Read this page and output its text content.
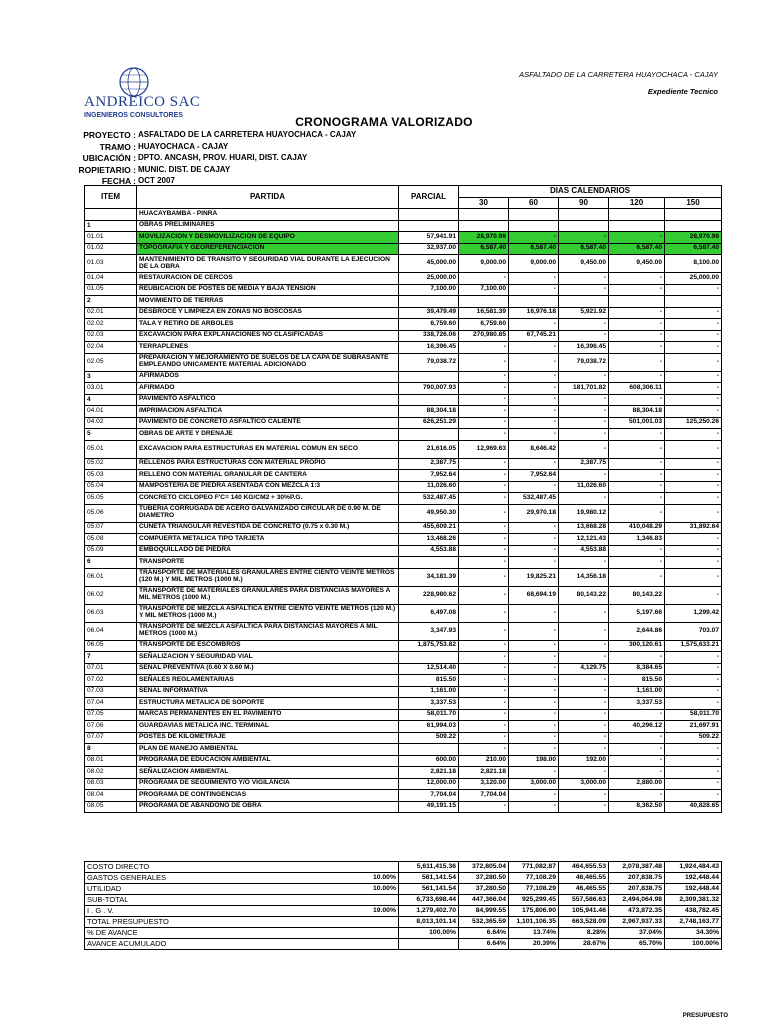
ANDREICO SAC
INGENIEROS CONSULTORES
ASFALTADO DE LA CARRETERA HUAYOCHACA - CAJAY
Expediente Tecnico
CRONOGRAMA VALORIZADO
PROYECTO : ASFALTADO DE LA CARRETERA HUAYOCHACA - CAJAY
TRAMO : HUAYOCHACA - CAJAY
UBICACIÓN : DPTO. ANCASH, PROV. HUARI, DIST. CAJAY
ROPIETARIO : MUNIC. DIST. DE CAJAY
FECHA : OCT 2007
ITEM	PARTIDA	PARCIAL	DIAS CALENDARIOS				
			30	60	90	120	150
	HUACAYBAMBA - PINRA						
1	OBRAS PRELIMINARES						
01.01	MOVILIZACION Y DESMOVILIZACION DE EQUIPO	57,941.91	28,970.96	-	-	-	28,970.96
01.02	TOPOGRAFIA Y GEOREFERENCIACION	32,937.00	6,587.40	6,587.40	6,587.40	6,587.40	6,587.40
01.03	MANTENIMIENTO DE TRANSITO Y SEGURIDAD VIAL DURANTE LA EJECUCION DE LA OBRA	45,000.00	9,000.00	9,000.00	9,450.00	9,450.00	8,100.00
01.04	RESTAURACION DE CERCOS	25,000.00	-	-	-	-	25,000.00
01.05	REUBICACION DE POSTES DE MEDIA Y BAJA TENSION	7,100.00	7,100.00	-	-	-	-
2	MOVIMIENTO DE TIERRAS						
02.01	DESBROCE Y LIMPIEZA EN ZONAS NO BOSCOSAS	39,479.49	16,581.39	16,976.18	5,921.92	-	-
02.02	TALA Y RETIRO DE ARBOLES	6,759.60	6,759.60	-	-	-	-
02.03	EXCAVACION PARA EXPLANACIONES NO CLASIFICADAS	338,726.06	270,980.85	67,745.21	-	-	-
02.04	TERRAPLENES	16,396.45	-	-	16,396.45	-	-
02.05	PREPARACION Y MEJORAMIENTO DE SUELOS DE LA CAPA DE SUBRASANTE EMPLEANDO UNICAMENTE MATERIAL ADICIONADO	79,038.72	-	-	79,038.72	-	-
3	AFIRMADOS		-	-	-	-	-
03.01	AFIRMADO	790,007.93	-	-	181,701.82	608,306.11	-
4	PAVIMENTO ASFALTICO		-	-	-	-	-
04.01	IMPRIMACION ASFALTICA	88,304.18	-	-	-	88,304.18	-
04.02	PAVIMENTO DE CONCRETO ASFALTICO CALIENTE	626,251.29	-	-	-	501,001.03	125,250.26
5	OBRAS DE ARTE Y DRENAJE		-	-	-	-	-
05.01	EXCAVACION PARA ESTRUCTURAS EN MATERIAL COMUN EN SECO	21,616.05	12,969.63	8,646.42	-	-	-
05.02	RELLENOS PARA ESTRUCTURAS CON MATERIAL PROPIO	2,387.75	-	-	2,387.75	-	-
05.03	RELLENO CON MATERIAL GRANULAR DE CANTERA	7,952.64	-	7,952.64	-	-	-
05.04	MAMPOSTERIA DE PIEDRA ASENTADA CON MEZCLA 1:3	11,026.60	-	-	11,026.60	-	-
05.05	CONCRETO CICLOPEO F'C= 140 KG/CM2 + 30%P.G.	532,487.45	-	532,487.45	-	-	-
05.06	TUBERIA CORRUGADA DE ACERO GALVANIZADO CIRCULAR DE 0.90 M. DE DIAMETRO	49,950.30	-	29,970.18	19,980.12	-	-
05.07	CUNETA TRIANGULAR REVESTIDA DE CONCRETO (0.75 x 0.30 M.)	455,609.21	-	-	13,668.28	410,048.29	31,892.64
05.08	COMPUERTA METALICA TIPO TARJETA	13,468.26	-	-	12,121.43	1,346.83	-
05.09	EMBOQUILLADO DE PIEDRA	4,553.88	-	-	4,553.88	-	-
6	TRANSPORTE		-	-	-	-	-
06.01	TRANSPORTE DE MATERIALES GRANULARES ENTRE CIENTO VEINTE METROS (120 M.) Y MIL METROS (1000 M.)	34,181.39	-	19,825.21	14,356.18	-	-
06.02	TRANSPORTE DE MATERIALES GRANULARES PARA DISTANCIAS MAYORES A MIL METROS (1000 M.)	228,980.62	-	68,694.19	80,143.22	80,143.22	-
06.03	TRANSPORTE DE MEZCLA ASFALTICA ENTRE CIENTO VEINTE METROS (120 M.) Y MIL METROS (1000 M.)	6,497.08	-	-	-	5,197.66	1,299.42
06.04	TRANSPORTE DE MEZCLA ASFALTICA PARA DISTANCIAS MAYORES A MIL METROS (1000 M.)	3,347.93	-	-	-	2,644.86	703.07
06.05	TRANSPORTE DE ESCOMBROS	1,875,753.82	-	-	-	300,120.61	1,575,633.21
7	SEÑALIZACION Y SEGURIDAD VIAL		-	-	-	-	-
07.01	SEÑAL PREVENTIVA (0.60 X 0.60 M.)	12,514.40	-	-	4,129.75	8,384.65	-
07.02	SEÑALES REGLAMENTARIAS	815.50	-	-	-	815.50	-
07.03	SEÑAL INFORMATIVA	1,161.00	-	-	-	1,161.00	-
07.04	ESTRUCTURA METALICA DE SOPORTE	3,337.53	-	-	-	3,337.53	-
07.05	MARCAS PERMANENTES EN EL PAVIMENTO	58,011.70	-	-	-	-	58,011.70
07.06	GUARDAVIAS METALICA INC. TERMINAL	61,994.03	-	-	-	40,296.12	21,697.91
07.07	POSTES DE KILOMETRAJE	509.22	-	-	-	-	509.22
8	PLAN DE MANEJO AMBIENTAL		-	-	-	-	-
08.01	PROGRAMA DE EDUCACION AMBIENTAL	600.00	210.00	198.00	192.00	-	-
08.02	SEÑALIZACION AMBIENTAL	2,821.18	2,821.18	-	-	-	-
08.03	PROGRAMA DE SEGUIMIENTO Y/O VIGILANCIA	12,000.00	3,120.00	3,000.00	3,000.00	2,880.00	-
08.04	PROGRAMA DE CONTINGENCIAS	7,704.04	7,704.04	-	-	-	-
08.05	PROGRAMA DE ABANDONO DE OBRA	49,191.15	-	-	-	8,362.50	40,828.65
COSTO DIRECTO		5,611,415.36	372,805.04	771,082.87	464,655.53	2,078,387.48	1,924,484.43
GASTOS GENERALES	10.00%	561,141.54	37,280.50	77,108.29	46,465.55	207,838.75	192,448.44
UTILIDAD	10.00%	561,141.54	37,280.50	77,108.29	46,465.55	207,838.75	192,448.44
SUB-TOTAL		6,733,698.44	447,366.04	925,299.45	557,586.63	2,494,064.98	2,309,381.32
I . G . V.	19.00%	1,279,402.70	84,999.55	175,806.90	105,941.46	473,872.35	438,782.45
TOTAL PRESUPUESTO		8,013,101.14	532,365.59	1,101,106.35	663,528.09	2,967,937.33	2,748,163.77
% DE AVANCE		100.00%	6.64%	13.74%	8.28%	37.04%	34.30%
AVANCE ACUMULADO			6.64%	20.39%	28.67%	65.70%	100.00%
PRESUPUESTO
